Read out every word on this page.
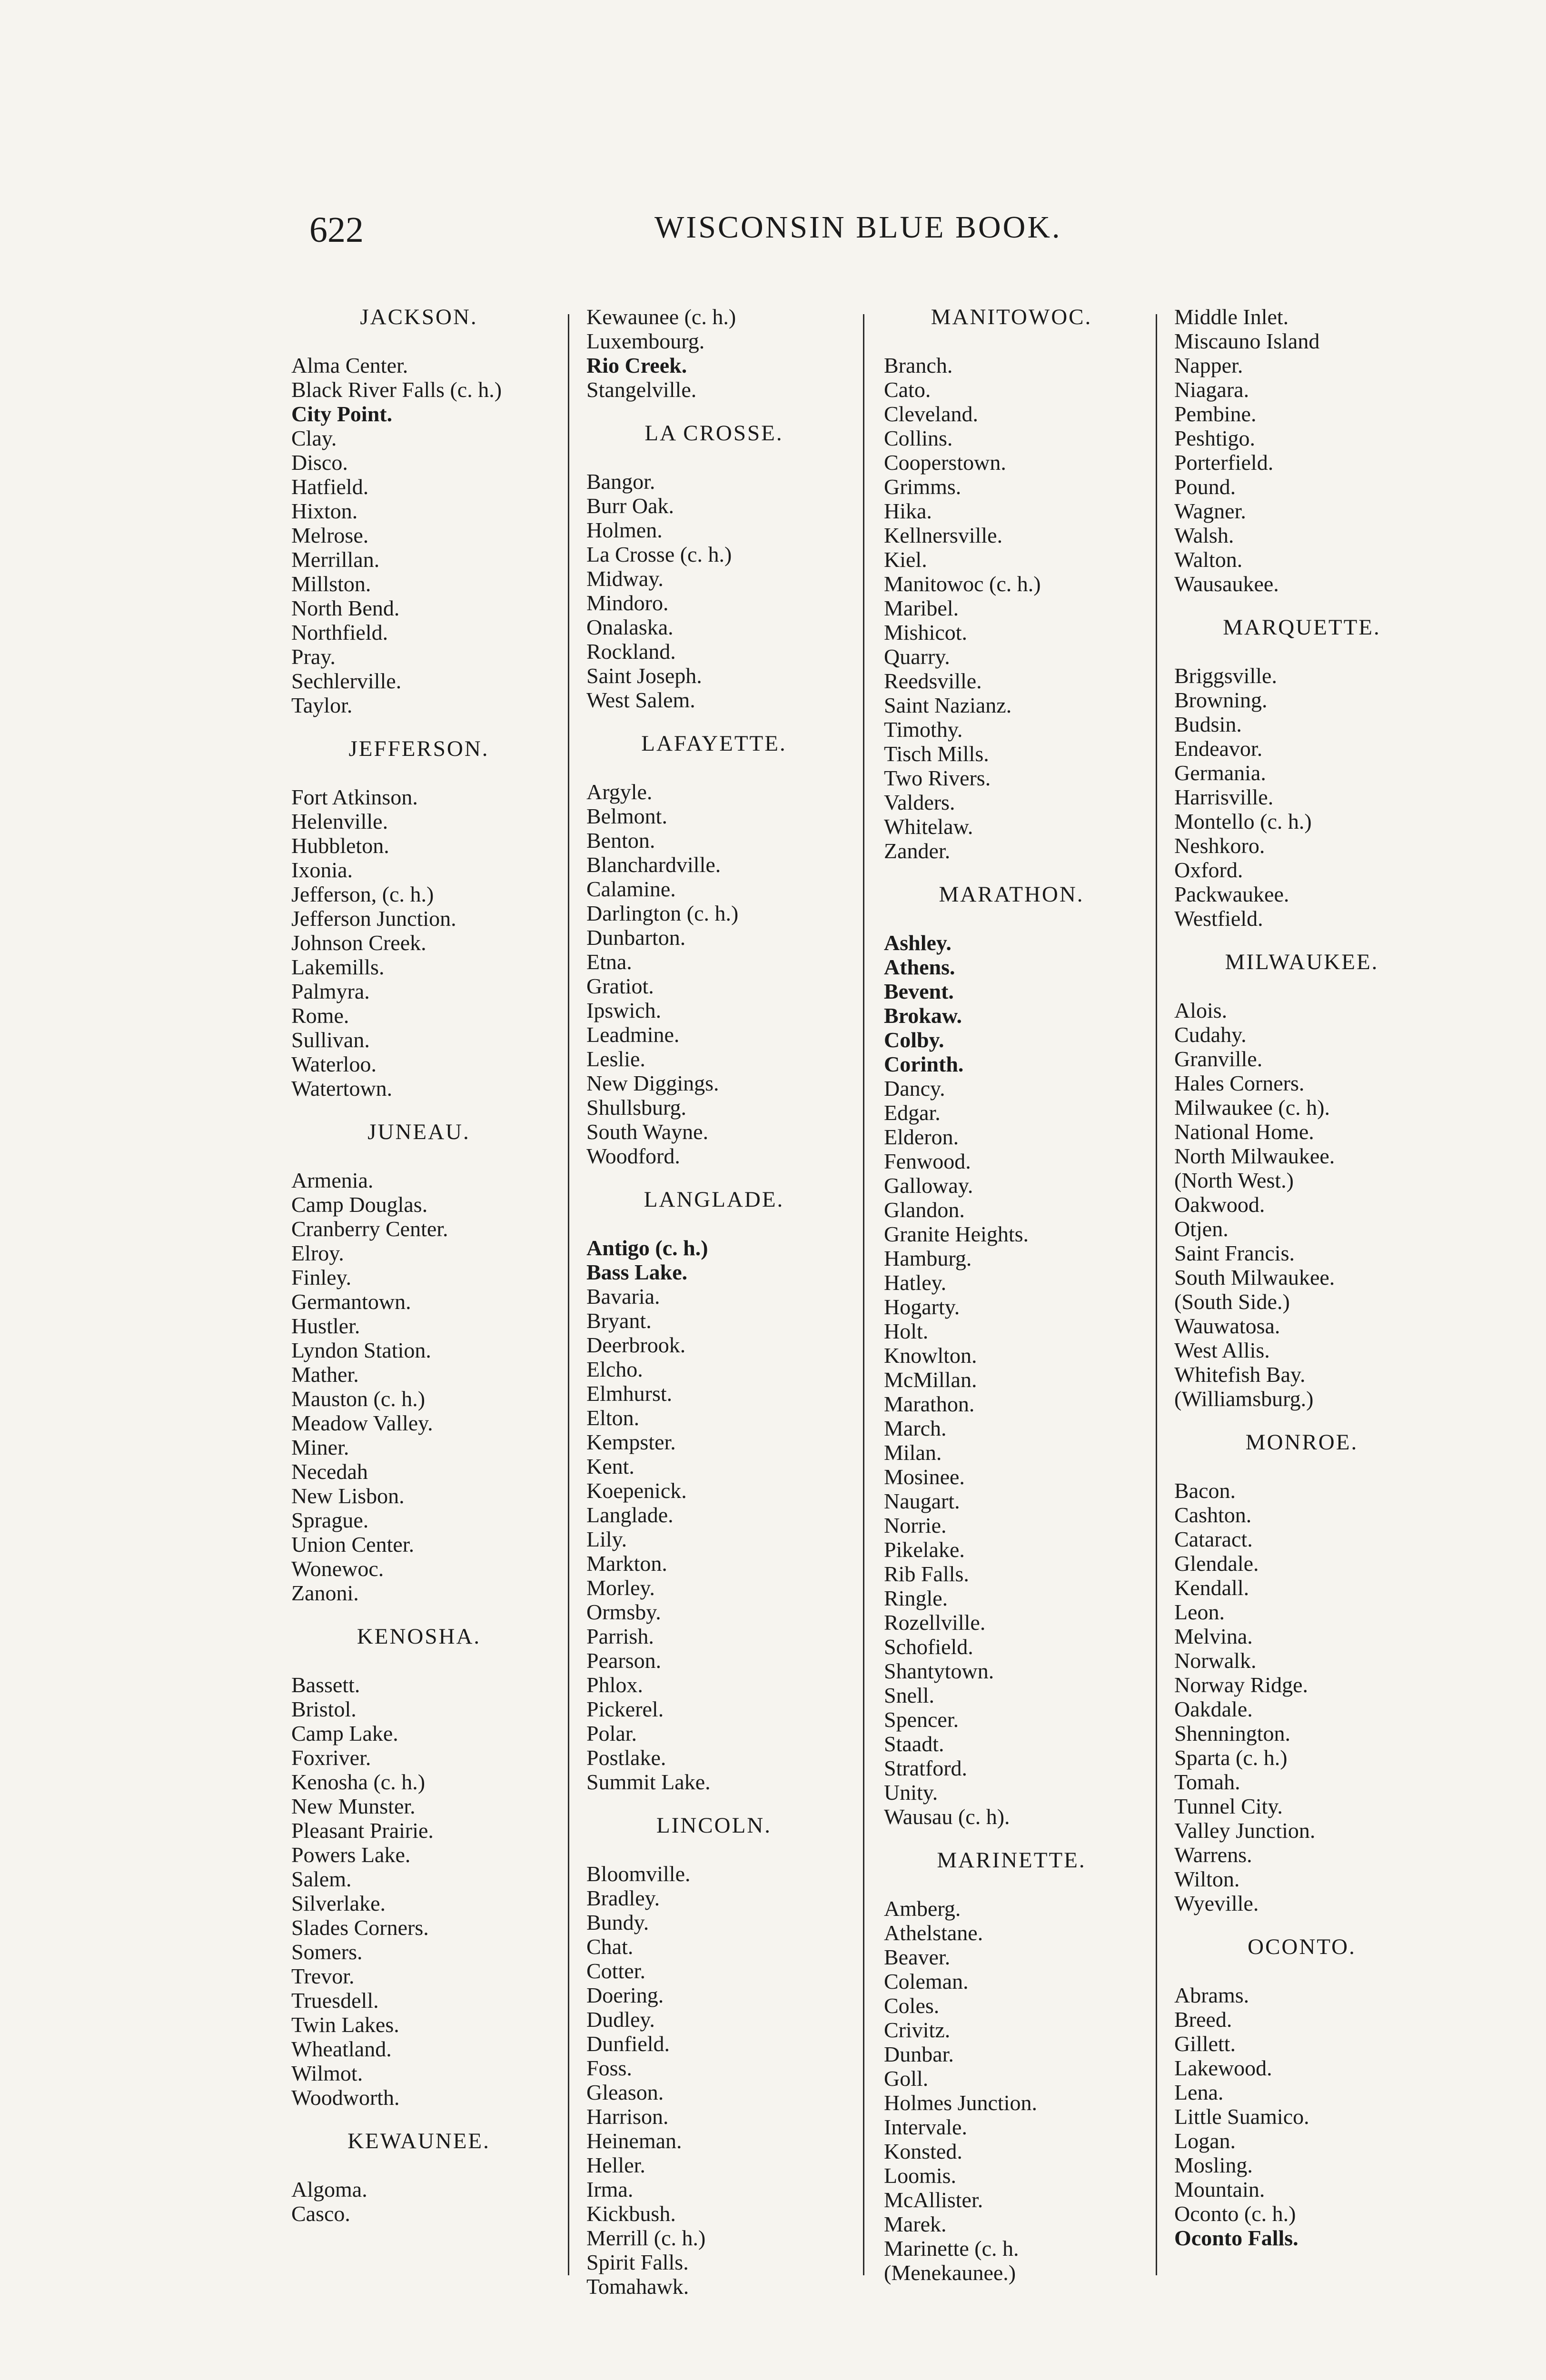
622	WISCONSIN BLUE BOOK.
JACKSON.
Alma Center.
Black River Falls (c. h.)
City Point.
Clay.
Disco.
Hatfield.
Hixton.
Melrose.
Merrillan.
Millston.
North Bend.
Northfield.
Pray.
Sechlerville.
Taylor.
JEFFERSON.
Fort Atkinson.
Helenville.
Hubbleton.
Ixonia.
Jefferson, (c. h.)
Jefferson Junction.
Johnson Creek.
Lakemills.
Palmyra.
Rome.
Sullivan.
Waterloo.
Watertown.
JUNEAU.
Armenia.
Camp Douglas.
Cranberry Center.
Elroy.
Finley.
Germantown.
Hustler.
Lyndon Station.
Mather.
Mauston (c. h.)
Meadow Valley.
Miner.
Necedah
New Lisbon.
Sprague.
Union Center.
Wonewoc.
Zanoni.
KENOSHA.
Bassett.
Bristol.
Camp Lake.
Foxriver.
Kenosha (c. h.)
New Munster.
Pleasant Prairie.
Powers Lake.
Salem.
Silverlake.
Slades Corners.
Somers.
Trevor.
Truesdell.
Twin Lakes.
Wheatland.
Wilmot.
Woodworth.
KEWAUNEE.
Algoma.
Casco.
Kewaunee (c. h.)
Luxembourg.
Rio Creek.
Stangelville.
LA CROSSE.
Bangor.
Burr Oak.
Holmen.
La Crosse (c. h.)
Midway.
Mindoro.
Onalaska.
Rockland.
Saint Joseph.
West Salem.
LAFAYETTE.
Argyle.
Belmont.
Benton.
Blanchardville.
Calamine.
Darlington (c. h.)
Dunbarton.
Etna.
Gratiot.
Ipswich.
Leadmine.
Leslie.
New Diggings.
Shullsburg.
South Wayne.
Woodford.
LANGLADE.
Antigo (c. h.)
Bass Lake.
Bavaria.
Bryant.
Deerbrook.
Elcho.
Elmhurst.
Elton.
Kempster.
Kent.
Koepenick.
Langlade.
Lily.
Markton.
Morley.
Ormsby.
Parrish.
Pearson.
Phlox.
Pickerel.
Polar.
Postlake.
Summit Lake.
LINCOLN.
Bloomville.
Bradley.
Bundy.
Chat.
Cotter.
Doering.
Dudley.
Dunfield.
Foss.
Gleason.
Harrison.
Heineman.
Heller.
Irma.
Kickbush.
Merrill (c. h.)
Spirit Falls.
Tomahawk.
MANITOWOC.
Branch.
Cato.
Cleveland.
Collins.
Cooperstown.
Grimms.
Hika.
Kellnersville.
Kiel.
Manitowoc (c. h.)
Maribel.
Mishicot.
Quarry.
Reedsville.
Saint Nazianz.
Timothy.
Tisch Mills.
Two Rivers.
Valders.
Whitelaw.
Zander.
MARATHON.
Ashley.
Athens.
Bevent.
Brokaw.
Colby.
Corinth.
Dancy.
Edgar.
Elderon.
Fenwood.
Galloway.
Glandon.
Granite Heights.
Hamburg.
Hatley.
Hogarty.
Holt.
Knowlton.
McMillan.
Marathon.
March.
Milan.
Mosinee.
Naugart.
Norrie.
Pikelake.
Rib Falls.
Ringle.
Rozellville.
Schofield.
Shantytown.
Snell.
Spencer.
Staadt.
Stratford.
Unity.
Wausau (c. h).
MARINETTE.
Amberg.
Athelstane.
Beaver.
Coleman.
Coles.
Crivitz.
Dunbar.
Goll.
Holmes Junction.
Intervale.
Konsted.
Loomis.
McAllister.
Marek.
Marinette (c. h.
(Menekaunee.)
Middle Inlet.
Miscauno Island
Napper.
Niagara.
Pembine.
Peshtigo.
Porterfield.
Pound.
Wagner.
Walsh.
Walton.
Wausaukee.
MARQUETTE.
Briggsville.
Browning.
Budsin.
Endeavor.
Germania.
Harrisville.
Montello (c. h.)
Neshkoro.
Oxford.
Packwaukee.
Westfield.
MILWAUKEE.
Alois.
Cudahy.
Granville.
Hales Corners.
Milwaukee (c. h).
National Home.
North Milwaukee.
(North West.)
Oakwood.
Otjen.
Saint Francis.
South Milwaukee.
(South Side.)
Wauwatosa.
West Allis.
Whitefish Bay.
(Williamsburg.)
MONROE.
Bacon.
Cashton.
Cataract.
Glendale.
Kendall.
Leon.
Melvina.
Norwalk.
Norway Ridge.
Oakdale.
Shennington.
Sparta (c. h.)
Tomah.
Tunnel City.
Valley Junction.
Warrens.
Wilton.
Wyeville.
OCONTO.
Abrams.
Breed.
Gillett.
Lakewood.
Lena.
Little Suamico.
Logan.
Mosling.
Mountain.
Oconto (c. h.)
Oconto Falls.
